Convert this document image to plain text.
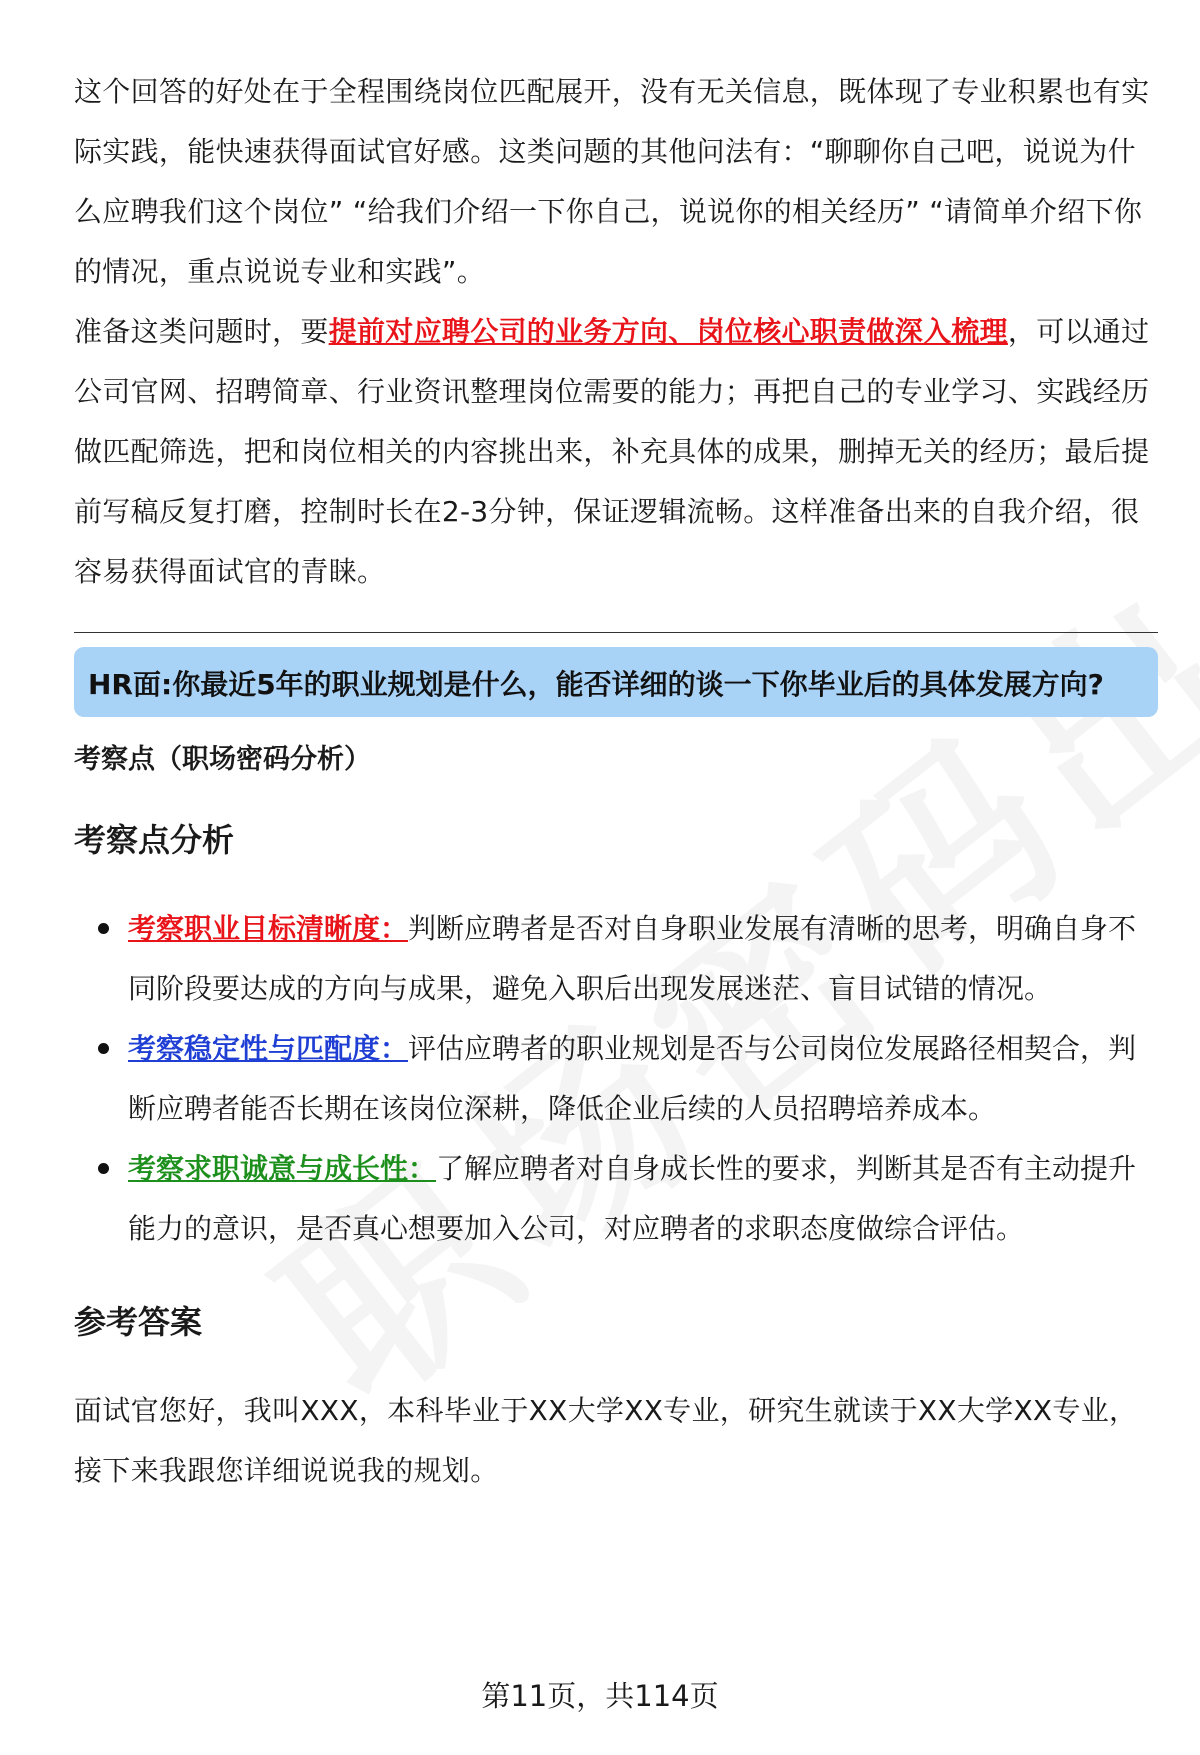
这个回答的好处在于全程围绕岗位匹配展开，没有无关信息，既体现了专业积累也有实际实践，能快速获得面试官好感。这类问题的其他问法有：“聊聊你自己吧，说说为什么应聘我们这个岗位” “给我们介绍一下你自己，说说你的相关经历” “请简单介绍下你的情况，重点说说专业和实践”。

准备这类问题时，要提前对应聘公司的业务方向、岗位核心职责做深入梳理，可以通过公司官网、招聘简章、行业资讯整理岗位需要的能力；再把自己的专业学习、实践经历做匹配筛选，把和岗位相关的内容挑出来，补充具体的成果，删掉无关的经历；最后提前写稿反复打磨，控制时长在2-3分钟，保证逻辑流畅。这样准备出来的自我介绍，很容易获得面试官的青睐。

HR面:你最近5年的职业规划是什么，能否详细的谈一下你毕业后的具体发展方向?
考察点（职场密码分析）
考察点分析
考察职业目标清晰度：判断应聘者是否对自身职业发展有清晰的思考，明确自身不同阶段要达成的方向与成果，避免入职后出现发展迷茫、盲目试错的情况。
考察稳定性与匹配度：评估应聘者的职业规划是否与公司岗位发展路径相契合，判断应聘者能否长期在该岗位深耕，降低企业后续的人员招聘培养成本。
考察求职诚意与成长性：了解应聘者对自身成长性的要求，判断其是否有主动提升能力的意识，是否真心想要加入公司，对应聘者的求职态度做综合评估。
参考答案

面试官您好，我叫XXX，本科毕业于XX大学XX专业，研究生就读于XX大学XX专业，接下来我跟您详细说说我的规划。

第11页，共114页
